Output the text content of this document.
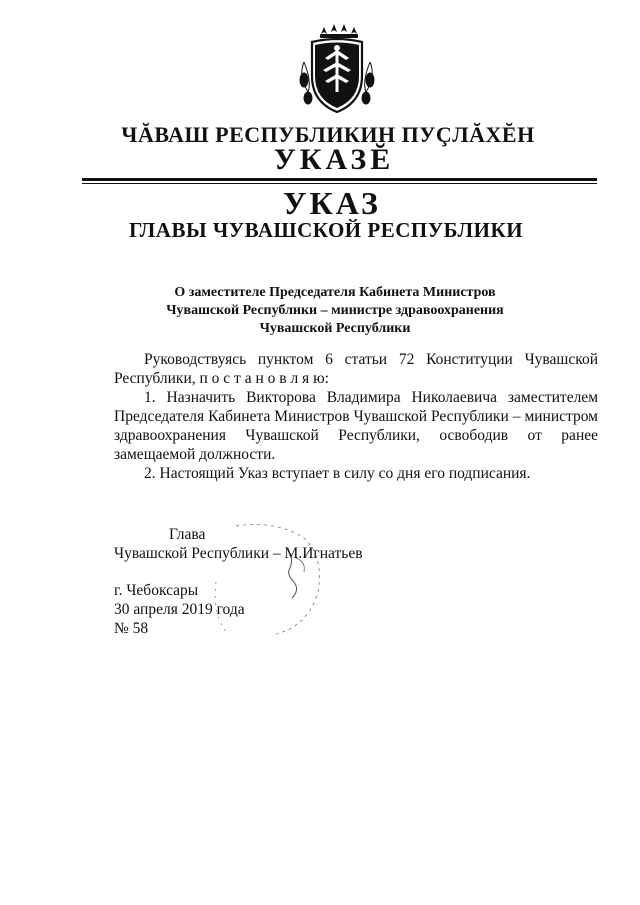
ЧĂВАШ РЕСПУБЛИКИН ПУÇЛĂХĔН
УКАЗĔ
УКАЗ
ГЛАВЫ ЧУВАШСКОЙ РЕСПУБЛИКИ
О заместителе Председателя Кабинета Министров
Чувашской Республики – министре здравоохранения
Чувашской Республики

Руководствуясь пунктом 6 статьи 72 Конституции Чувашской Республики, п о с т а н о в л я ю:

1. Назначить Викторова Владимира Николаевича заместителем Председателя Кабинета Министров Чувашской Республики – министром здравоохранения Чувашской Республики, освободив от ранее замещаемой должности.

2. Настоящий Указ вступает в силу со дня его подписания.

Глава
Чувашской Республики – М.Игнатьев
г. Чебоксары
30 апреля 2019 года
№ 58
